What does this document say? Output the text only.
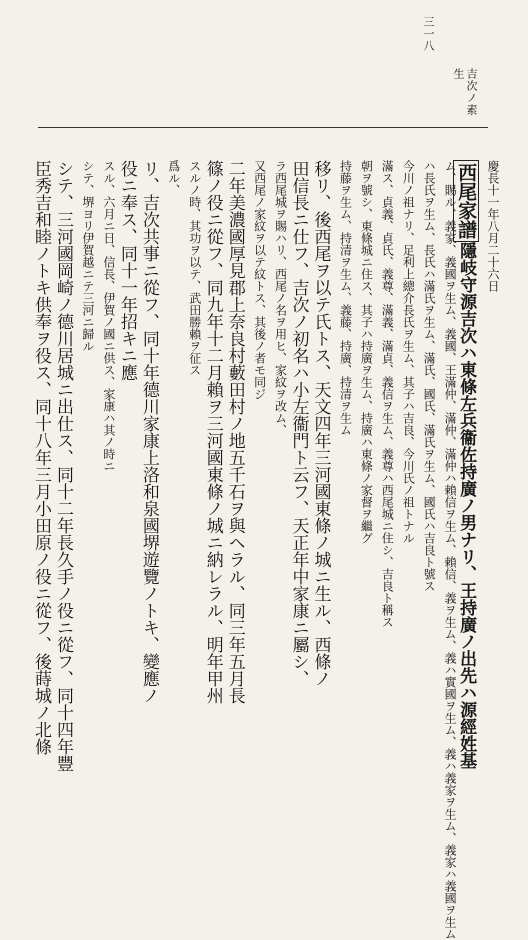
三一八
吉次ノ素
生
慶長十一年八月二十六日
西尾家譜隱岐守源吉次ハ東條左兵衞佐持廣ノ男ナリ、王持廣ノ出先ハ源經姓基
ム、賜ル、義家、義國ヲ生ム、義國、王滿仲、滿仲、滿仲ハ賴信ヲ生ム、賴信、義ヲ生ム、義ハ實國ヲ生ム、義ハ義家ヲ生ム、義家ハ義國ヲ生ム
ハ長氏ヲ生ム、長氏ハ滿氏ヲ生ム、滿氏、國氏、滿氏ヲ生ム、國氏ハ吉良ト號ス
今川ノ祖ナリ、足利上總介長氏ヲ生ム、其子ハ吉良、今川氏ノ祖トナル
滿ス、貞義、貞氏、義尊、滿義、滿貞、義信ヲ生ム、義尊ハ西尾城ニ住シ、吉良ト稱ス
朝ヲ號シ、東條城ニ住ス、其子ハ持廣ヲ生ム、持廣ハ東條ノ家督ヲ繼グ
持藤ヲ生ム、持清ヲ生ム、義藤、持廣、持清ヲ生ム
移リ、後西尾ヲ以テ氏トス、天文四年三河國東條ノ城ニ生ル、西條ノ
田信長ニ仕フ、吉次ノ初名ハ小左衞門ト云フ、天正年中家康ニ屬シ、
ラ西尾城ヲ賜ハリ、西尾ノ名ヲ用ヒ、家紋ヲ改ム、
又西尾ノ家紋ヲ以テ紋トス、其後ノ者モ同ジ
二年美濃國厚見郡上奈良村藪田村ノ地五千石ヲ與ヘラル、同三年五月長
篠ノ役ニ從フ、同九年十二月賴ヲ三河國東條ノ城ニ納レラル、明年甲州
スルノ時、其功ヲ以テ、武田勝賴ヲ征ス
爲ル、
リ、吉次共事ニ從フ、同十年德川家康上洛和泉國堺遊覽ノトキ、變應ノ
役ニ奉ス、同十一年招キニ應
スル、六月ニ日、信長、伊賀ノ國ニ供ス、家康ハ其ノ時ニ
シテ、堺ヨリ伊賀越ニテ三河ニ歸ル
シテ、三河國岡崎ノ德川居城ニ出仕ス、同十二年長久手ノ役ニ從フ、同十四年豐
臣秀吉和睦ノトキ供奉ヲ役ス、同十八年三月小田原ノ役ニ從フ、後蒔城ノ北條
